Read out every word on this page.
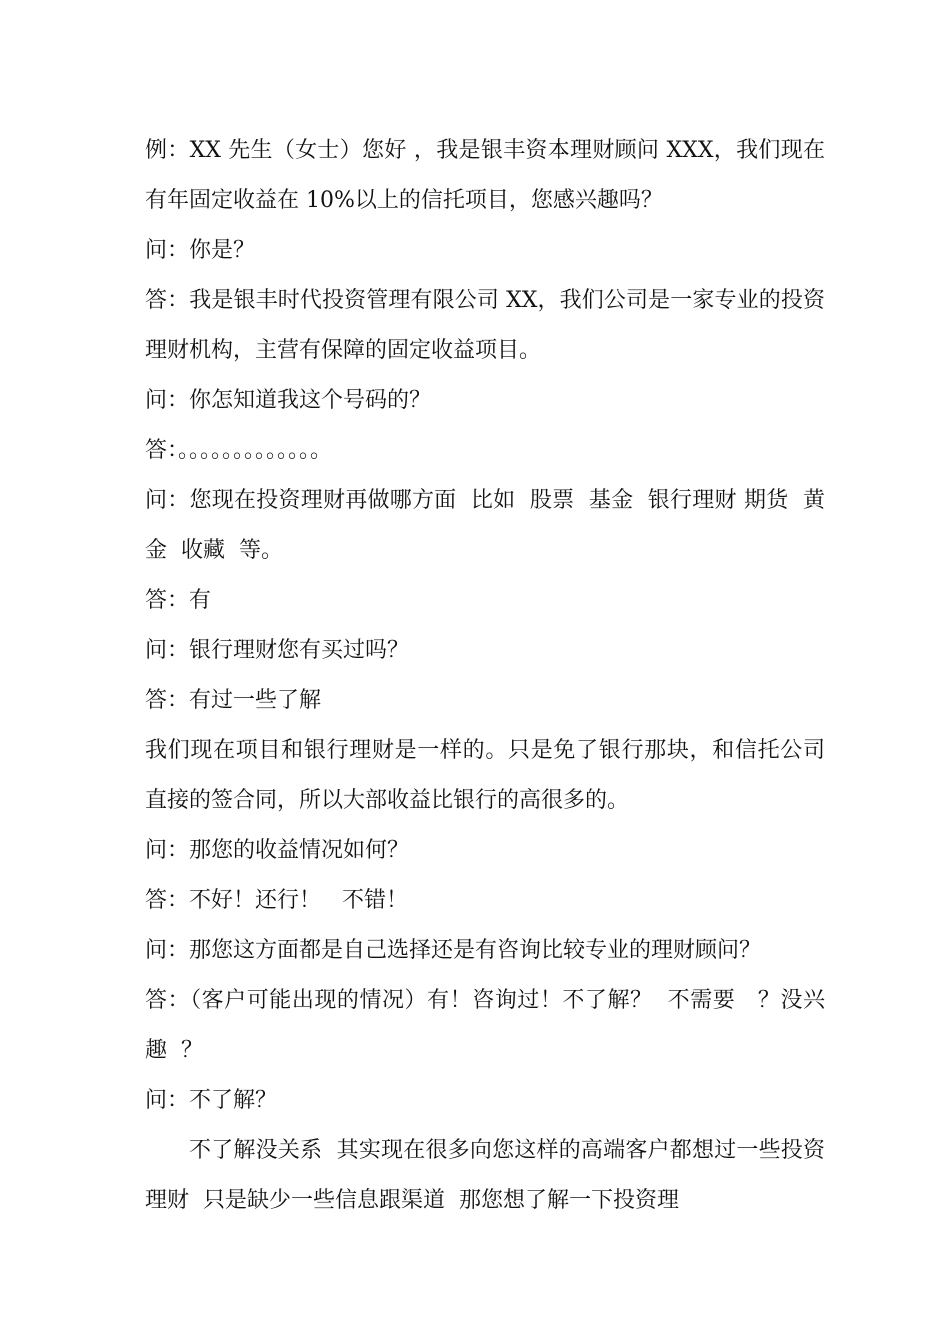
例：XX 先生（女士）您好 ，我是银丰资本理财顾问 XXX，我们现在有年固定收益在 10%以上的信托项目，您感兴趣吗？

问：你是？

答：我是银丰时代投资管理有限公司 XX，我们公司是一家专业的投资理财机构，主营有保障的固定收益项目。

问：你怎知道我这个号码的？

答：。。。。。。。。。。。。。

问：您现在投资理财再做哪方面  比如  股票  基金  银行理财 期货  黄金  收藏  等。

答：有

问：银行理财您有买过吗？

答：有过一些了解

我们现在项目和银行理财是一样的。只是免了银行那块，和信托公司直接的签合同，所以大部收益比银行的高很多的。

问：那您的收益情况如何？

答：不好！还行！   不错！

问：那您这方面都是自己选择还是有咨询比较专业的理财顾问？

答：（客户可能出现的情况）有！咨询过！不了解？  不需要   ？没兴趣  ？

问：不了解？

不了解没关系  其实现在很多向您这样的高端客户都想过一些投资理财  只是缺少一些信息跟渠道  那您想了解一下投资理
